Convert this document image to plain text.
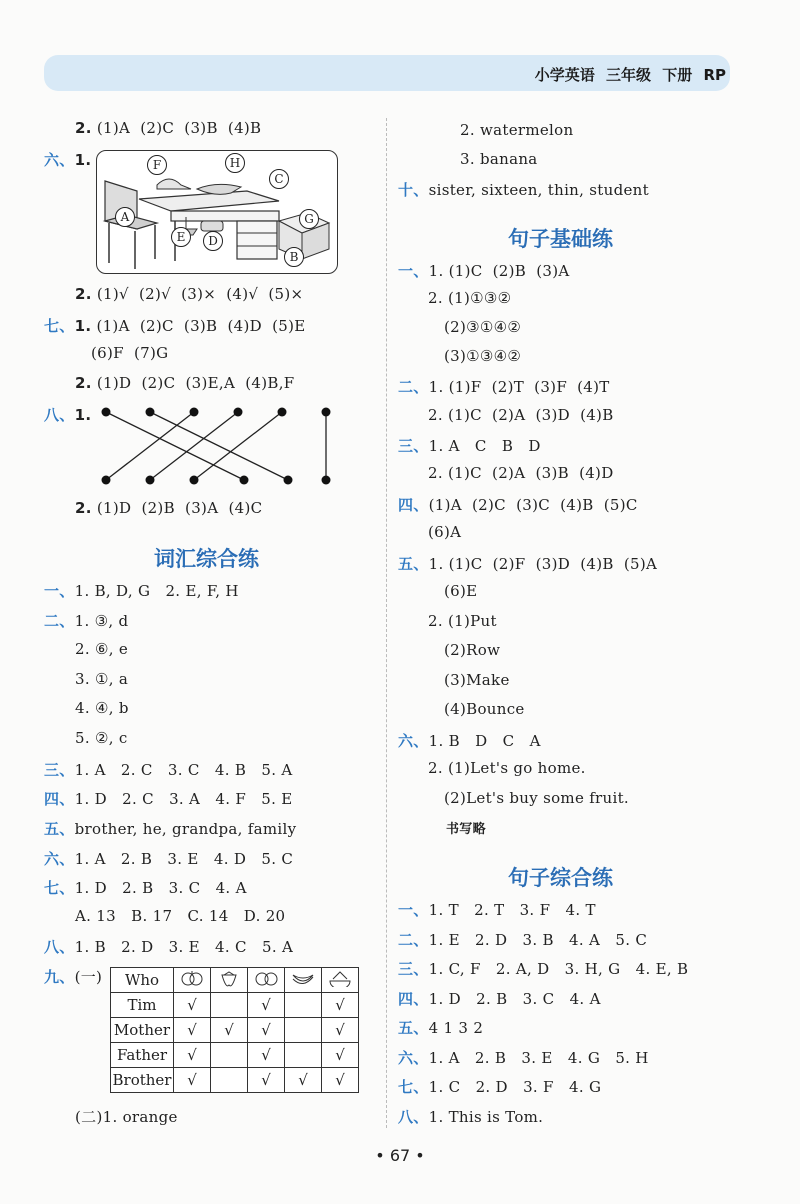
小学英语 三年级 下册 RP
2. (1)A  (2)C  (3)B  (4)B
六、1.	F	H
C
A
E	D
G
B
2. (1)√  (2)√  (3)×  (4)√  (5)×
七、1. (1)A  (2)C  (3)B  (4)D  (5)E
(6)F  (7)G
2. (1)D  (2)C  (3)E,A  (4)B,F
八、1.
2. (1)D  (2)B  (3)A  (4)C
词汇综合练
一、1. B, D, G   2. E, F, H
二、1. ③, d
2. ⑥, e
3. ①, a
4. ④, b
5. ②, c
三、1. A   2. C   3. C   4. B   5. A
四、1. D   2. C   3. A   4. F   5. E
五、brother, he, grandpa, family
六、1. A   2. B   3. E   4. D   5. C
七、1. D   2. B   3. C   4. A
A. 13   B. 17   C. 14   D. 20
八、1. B   2. D   3. E   4. C   5. A
九、(一) Who					
Tim	√		√		√
Mother	√	√	√		√
Father	√		√		√
Brother	√		√	√	√
(二)1. orange
2. watermelon
3. banana
十、sister, sixteen, thin, student
句子基础练
一、1. (1)C  (2)B  (3)A
2. (1)①③②
(2)③①④②
(3)①③④②
二、1. (1)F  (2)T  (3)F  (4)T
2. (1)C  (2)A  (3)D  (4)B
三、1. A   C   B   D
2. (1)C  (2)A  (3)B  (4)D
四、(1)A  (2)C  (3)C  (4)B  (5)C
(6)A
五、1. (1)C  (2)F  (3)D  (4)B  (5)A
(6)E
2. (1)Put
(2)Row
(3)Make
(4)Bounce
六、1. B   D   C   A
2. (1)Let's go home.
(2)Let's buy some fruit.
书写略
句子综合练
一、1. T   2. T   3. F   4. T
二、1. E   2. D   3. B   4. A   5. C
三、1. C, F   2. A, D   3. H, G   4. E, B
四、1. D   2. B   3. C   4. A
五、4 1 3 2
六、1. A   2. B   3. E   4. G   5. H
七、1. C   2. D   3. F   4. G
八、1. This is Tom.
• 67 •
